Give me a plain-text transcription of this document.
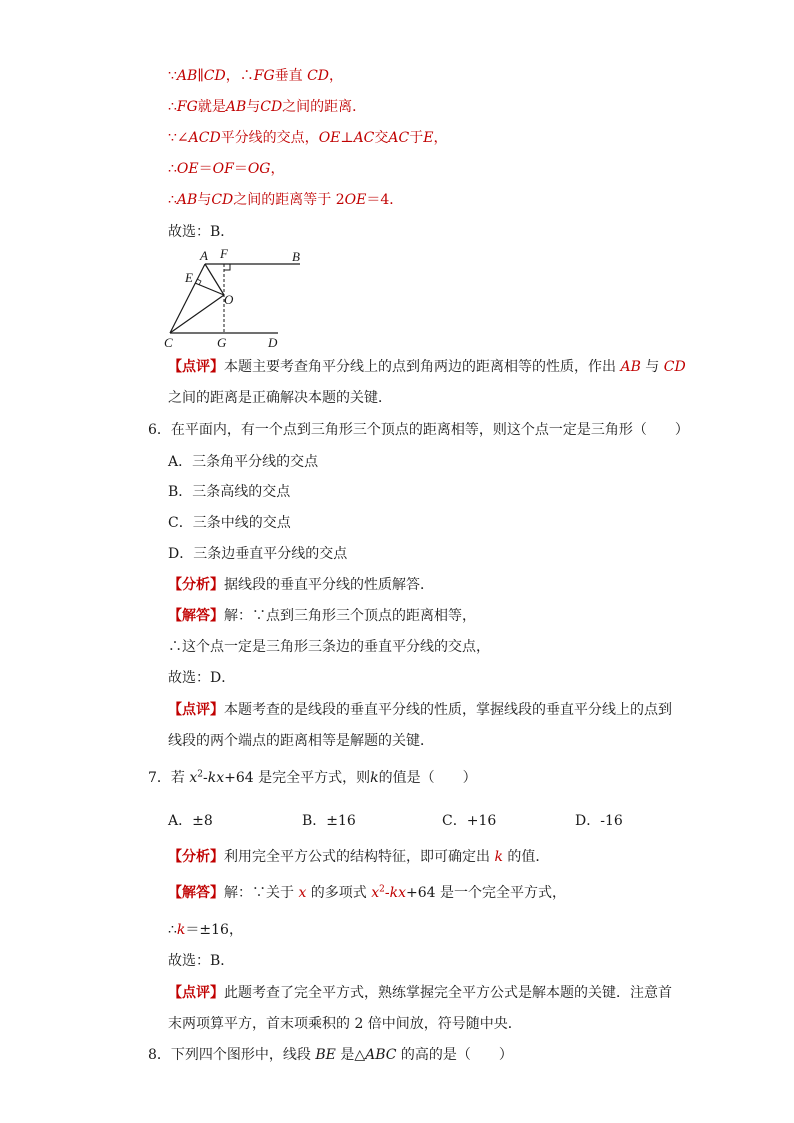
∵AB∥CD，∴FG垂直 CD，
∴FG就是AB与CD之间的距离．
∵∠ACD平分线的交点，OE⊥AC交AC于E，
∴OE＝OF＝OG，
∴AB与CD之间的距离等于 2OE＝4．
故选：B．
A F	B
E
O
C	G	D
【点评】本题主要考查角平分线上的点到角两边的距离相等的性质，作出 AB 与 CD
之间的距离是正确解决本题的关键．
6．在平面内，有一个点到三角形三个顶点的距离相等，则这个点一定是三角形（　　）
A．三条角平分线的交点
B．三条高线的交点
C．三条中线的交点
D．三条边垂直平分线的交点
【分析】据线段的垂直平分线的性质解答．
【解答】解：∵点到三角形三个顶点的距离相等，
∴这个点一定是三角形三条边的垂直平分线的交点，
故选：D．
【点评】本题考查的是线段的垂直平分线的性质，掌握线段的垂直平分线上的点到
线段的两个端点的距离相等是解题的关键．
7．若 $x^2-kx+64$ 是完全平方式，则k的值是（　　）
A．±8	B．±16	C．+16	D．-16
【分析】利用完全平方公式的结构特征，即可确定出 k 的值．
【解答】解：∵关于 x 的多项式 $x^2-kx+64$ 是一个完全平方式，
∴k＝±16，
故选：B．
【点评】此题考查了完全平方式，熟练掌握完全平方公式是解本题的关键．注意首
末两项算平方，首末项乘积的 2 倍中间放，符号随中央．
8．下列四个图形中，线段 BE 是△ABC 的高的是（　　）
